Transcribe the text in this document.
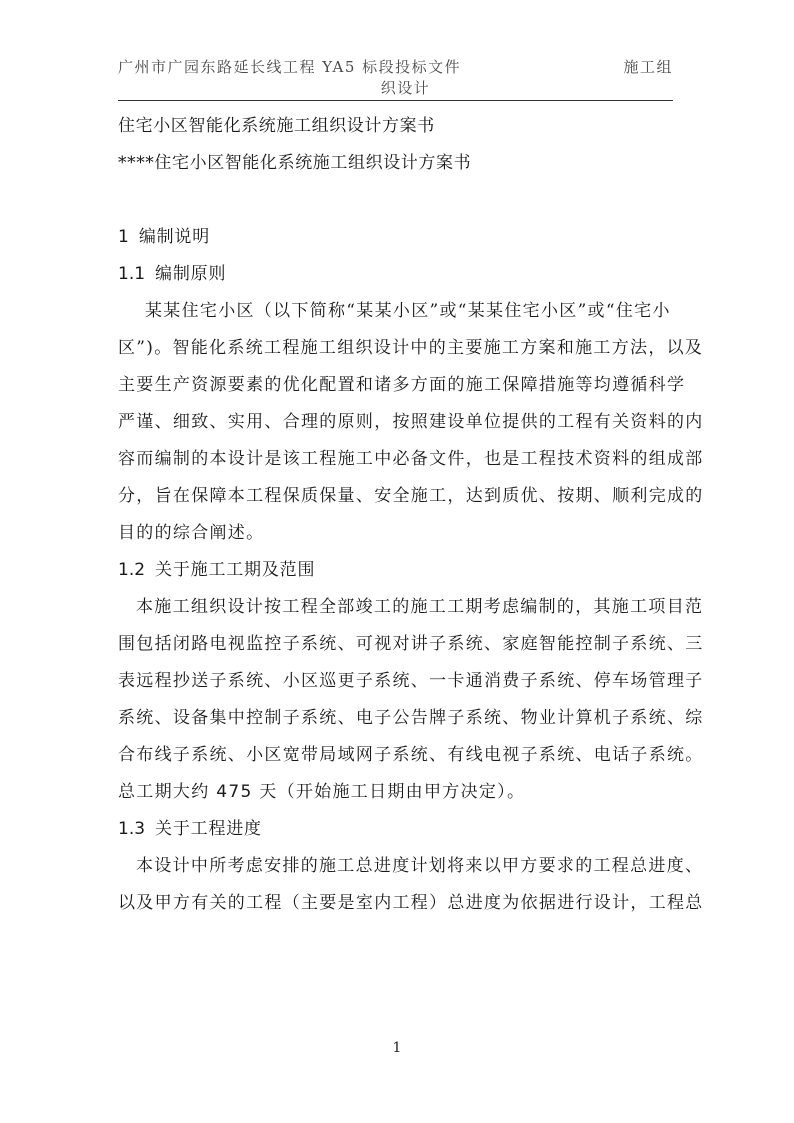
广州市广园东路延长线工程 YA5 标段投标文件	施工组
织设计
住宅小区智能化系统施工组织设计方案书
****住宅小区智能化系统施工组织设计方案书
1 编制说明
1.1 编制原则
某某住宅小区（以下简称“某某小区”或“某某住宅小区”或“住宅小
区”)。智能化系统工程施工组织设计中的主要施工方案和施工方法，以及
主要生产资源要素的优化配置和诸多方面的施工保障措施等均遵循科学
严谨、细致、实用、合理的原则，按照建设单位提供的工程有关资料的内
容而编制的本设计是该工程施工中必备文件，也是工程技术资料的组成部
分，旨在保障本工程保质保量、安全施工，达到质优、按期、顺利完成的
目的的综合阐述。
1.2 关于施工工期及范围
本施工组织设计按工程全部竣工的施工工期考虑编制的，其施工项目范
围包括闭路电视监控子系统、可视对讲子系统、家庭智能控制子系统、三
表远程抄送子系统、小区巡更子系统、一卡通消费子系统、停车场管理子
系统、设备集中控制子系统、电子公告牌子系统、物业计算机子系统、综
合布线子系统、小区宽带局域网子系统、有线电视子系统、电话子系统。
总工期大约 475 天（开始施工日期由甲方决定）。
1.3 关于工程进度
本设计中所考虑安排的施工总进度计划将来以甲方要求的工程总进度、
以及甲方有关的工程（主要是室内工程）总进度为依据进行设计，工程总
1
